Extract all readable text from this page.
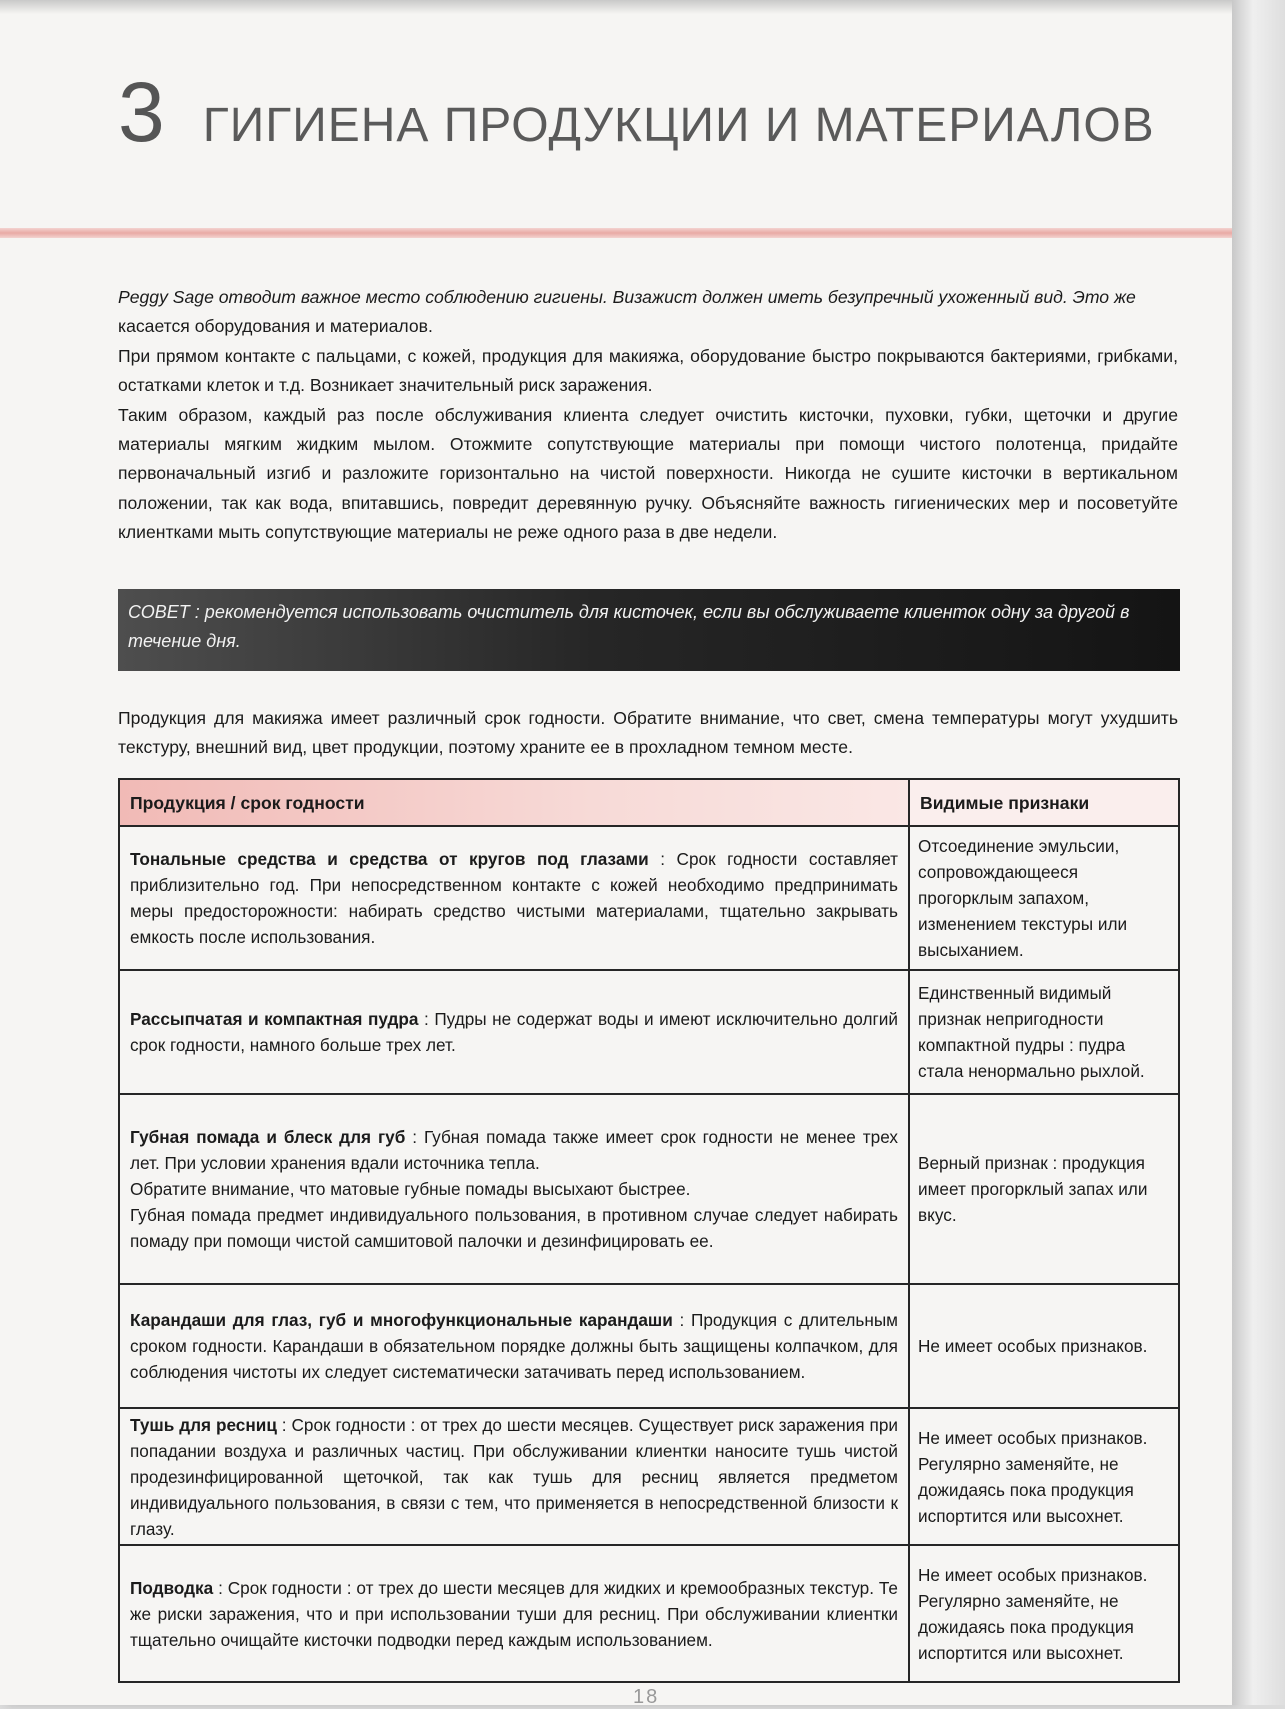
3 ГИГИЕНА ПРОДУКЦИИ И МАТЕРИАЛОВ

Peggy Sage отводит важное место соблюдению гигиены. Визажист должен иметь безупречный ухоженный вид. Это же
касается оборудования и материалов.

При прямом контакте с пальцами, с кожей, продукция для макияжа, оборудование быстро покрываются бактериями, грибками, остатками клеток и т.д. Возникает значительный риск заражения.

Таким образом, каждый раз после обслуживания клиента следует очистить кисточки, пуховки, губки, щеточки и другие материалы мягким жидким мылом. Отожмите сопутствующие материалы при помощи чистого полотенца, придайте первоначальный изгиб и разложите горизонтально на чистой поверхности. Никогда не сушите кисточки в вертикальном положении, так как вода, впитавшись, повредит деревянную ручку. Объясняйте важность гигиенических мер и посоветуйте клиентками мыть сопутствующие материалы не реже одного раза в две недели.

СОВЕТ : рекомендуется использовать очиститель для кисточек, если вы обслуживаете клиенток одну за другой в течение дня.

Продукция для макияжа имеет различный срок годности. Обратите внимание, что свет, смена температуры могут ухудшить текстуру, внешний вид, цвет продукции, поэтому храните ее в прохладном темном месте.

Продукция / срок годности	Видимые признаки

Тональные средства и средства от кругов под глазами : Срок годности составляет приблизительно год. При непосредственном контакте с кожей необходимо предпринимать меры предосторожности: набирать средство чистыми материалами, тщательно закрывать емкость после использования.	Отсоединение эмульсии, сопровождающееся прогорклым запахом, изменением текстуры или высыханием.

Рассыпчатая и компактная пудра : Пудры не содержат воды и имеют исключительно долгий срок годности, намного больше трех лет.	Единственный видимый признак непригодности компактной пудры : пудра стала ненормально рыхлой.

Губная помада и блеск для губ : Губная помада также имеет срок годности не менее трех лет. При условии хранения вдали источника тепла.

Обратите внимание, что матовые губные помады высыхают быстрее.

Губная помада предмет индивидуального пользования, в противном случае следует набирать помаду при помощи чистой самшитовой палочки и дезинфицировать ее.	Верный признак : продукция имеет прогорклый запах или вкус.

Карандаши для глаз, губ и многофункциональные карандаши : Продукция с длительным сроком годности. Карандаши в обязательном порядке должны быть защищены колпачком, для соблюдения чистоты их следует систематически затачивать перед использованием.	Не имеет особых признаков.

Тушь для ресниц : Срок годности : от трех до шести месяцев. Существует риск заражения при попадании воздуха и различных частиц. При обслуживании клиентки наносите тушь чистой продезинфицированной щеточкой, так как тушь для ресниц является предметом индивидуального пользования, в связи с тем, что применяется в непосредственной близости к глазу.	Не имеет особых признаков. Регулярно заменяйте, не дожидаясь пока продукция испортится или высохнет.

Подводка : Срок годности : от трех до шести месяцев для жидких и кремообразных текстур. Те же риски заражения, что и при использовании туши для ресниц. При обслуживании клиентки тщательно очищайте кисточки подводки перед каждым использованием.	Не имеет особых признаков. Регулярно заменяйте, не дожидаясь пока продукция испортится или высохнет.
18
